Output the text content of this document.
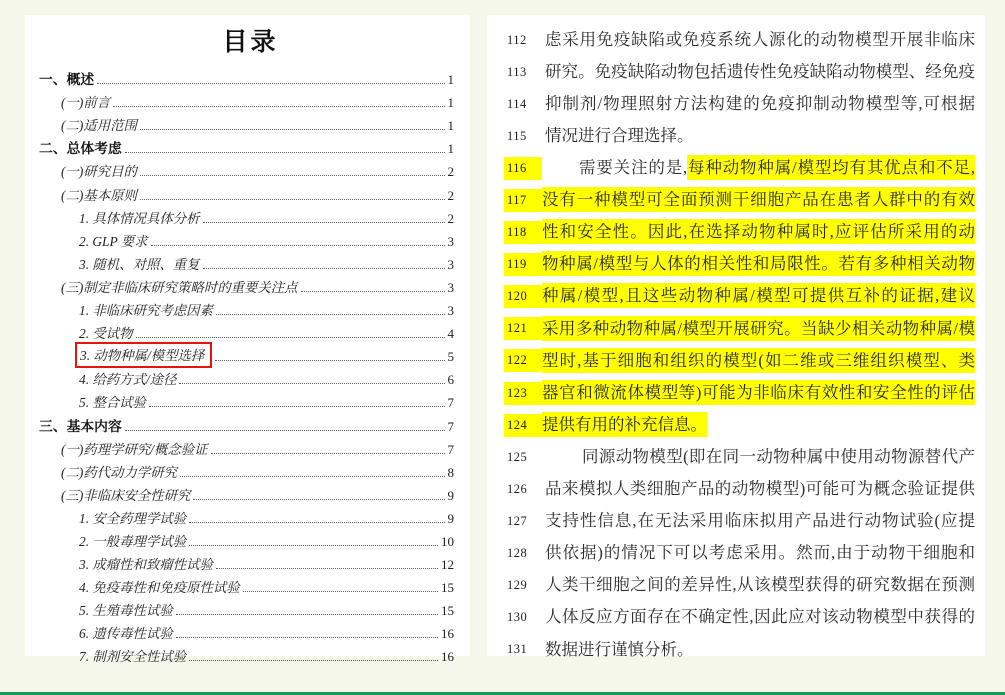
目录
一、概述	1
(一)前言	1
(二)适用范围	1
二、总体考虑	1
(一)研究目的	2
(二)基本原则	2
1. 具体情况具体分析	2
2. GLP 要求	3
3. 随机、对照、重复	3
(三)制定非临床研究策略时的重要关注点	3
1. 非临床研究考虑因素	3
2. 受试物	4
3. 动物种属/模型选择	5
4. 给药方式/途径	6
5. 整合试验	7
三、基本内容	7
(一)药理学研究/概念验证	7
(二)药代动力学研究	8
(三)非临床安全性研究	9
1. 安全药理学试验	9
2. 一般毒理学试验	10
3. 成瘤性和致瘤性试验	12
4. 免疫毒性和免疫原性试验	15
5. 生殖毒性试验	15
6. 遗传毒性试验	16
7. 制剂安全性试验	16
112	虑采用免疫缺陷或免疫系统人源化的动物模型开展非临床
113	研究。免疫缺陷动物包括遗传性免疫缺陷动物模型、经免疫
114	抑制剂/物理照射方法构建的免疫抑制动物模型等,可根据
115	情况进行合理选择。
116	需要关注的是,每种动物种属/模型均有其优点和不足,
117 没有一种模型可全面预测干细胞产品在患者人群中的有效
118 性和安全性。因此,在选择动物种属时,应评估所采用的动
119 物种属/模型与人体的相关性和局限性。若有多种相关动物
120 种属/模型,且这些动物种属/模型可提供互补的证据,建议
121 采用多种动物种属/模型开展研究。当缺少相关动物种属/模
122 型时,基于细胞和组织的模型(如二维或三维组织模型、类
123 器官和微流体模型等)可能为非临床有效性和安全性的评估
124 提供有用的补充信息。
125	同源动物模型(即在同一动物种属中使用动物源替代产
126	品来模拟人类细胞产品的动物模型)可能可为概念验证提供
127	支持性信息,在无法采用临床拟用产品进行动物试验(应提
128	供依据)的情况下可以考虑采用。然而,由于动物干细胞和
129	人类干细胞之间的差异性,从该模型获得的研究数据在预测
130	人体反应方面存在不确定性,因此应对该动物模型中获得的
131	数据进行谨慎分析。
